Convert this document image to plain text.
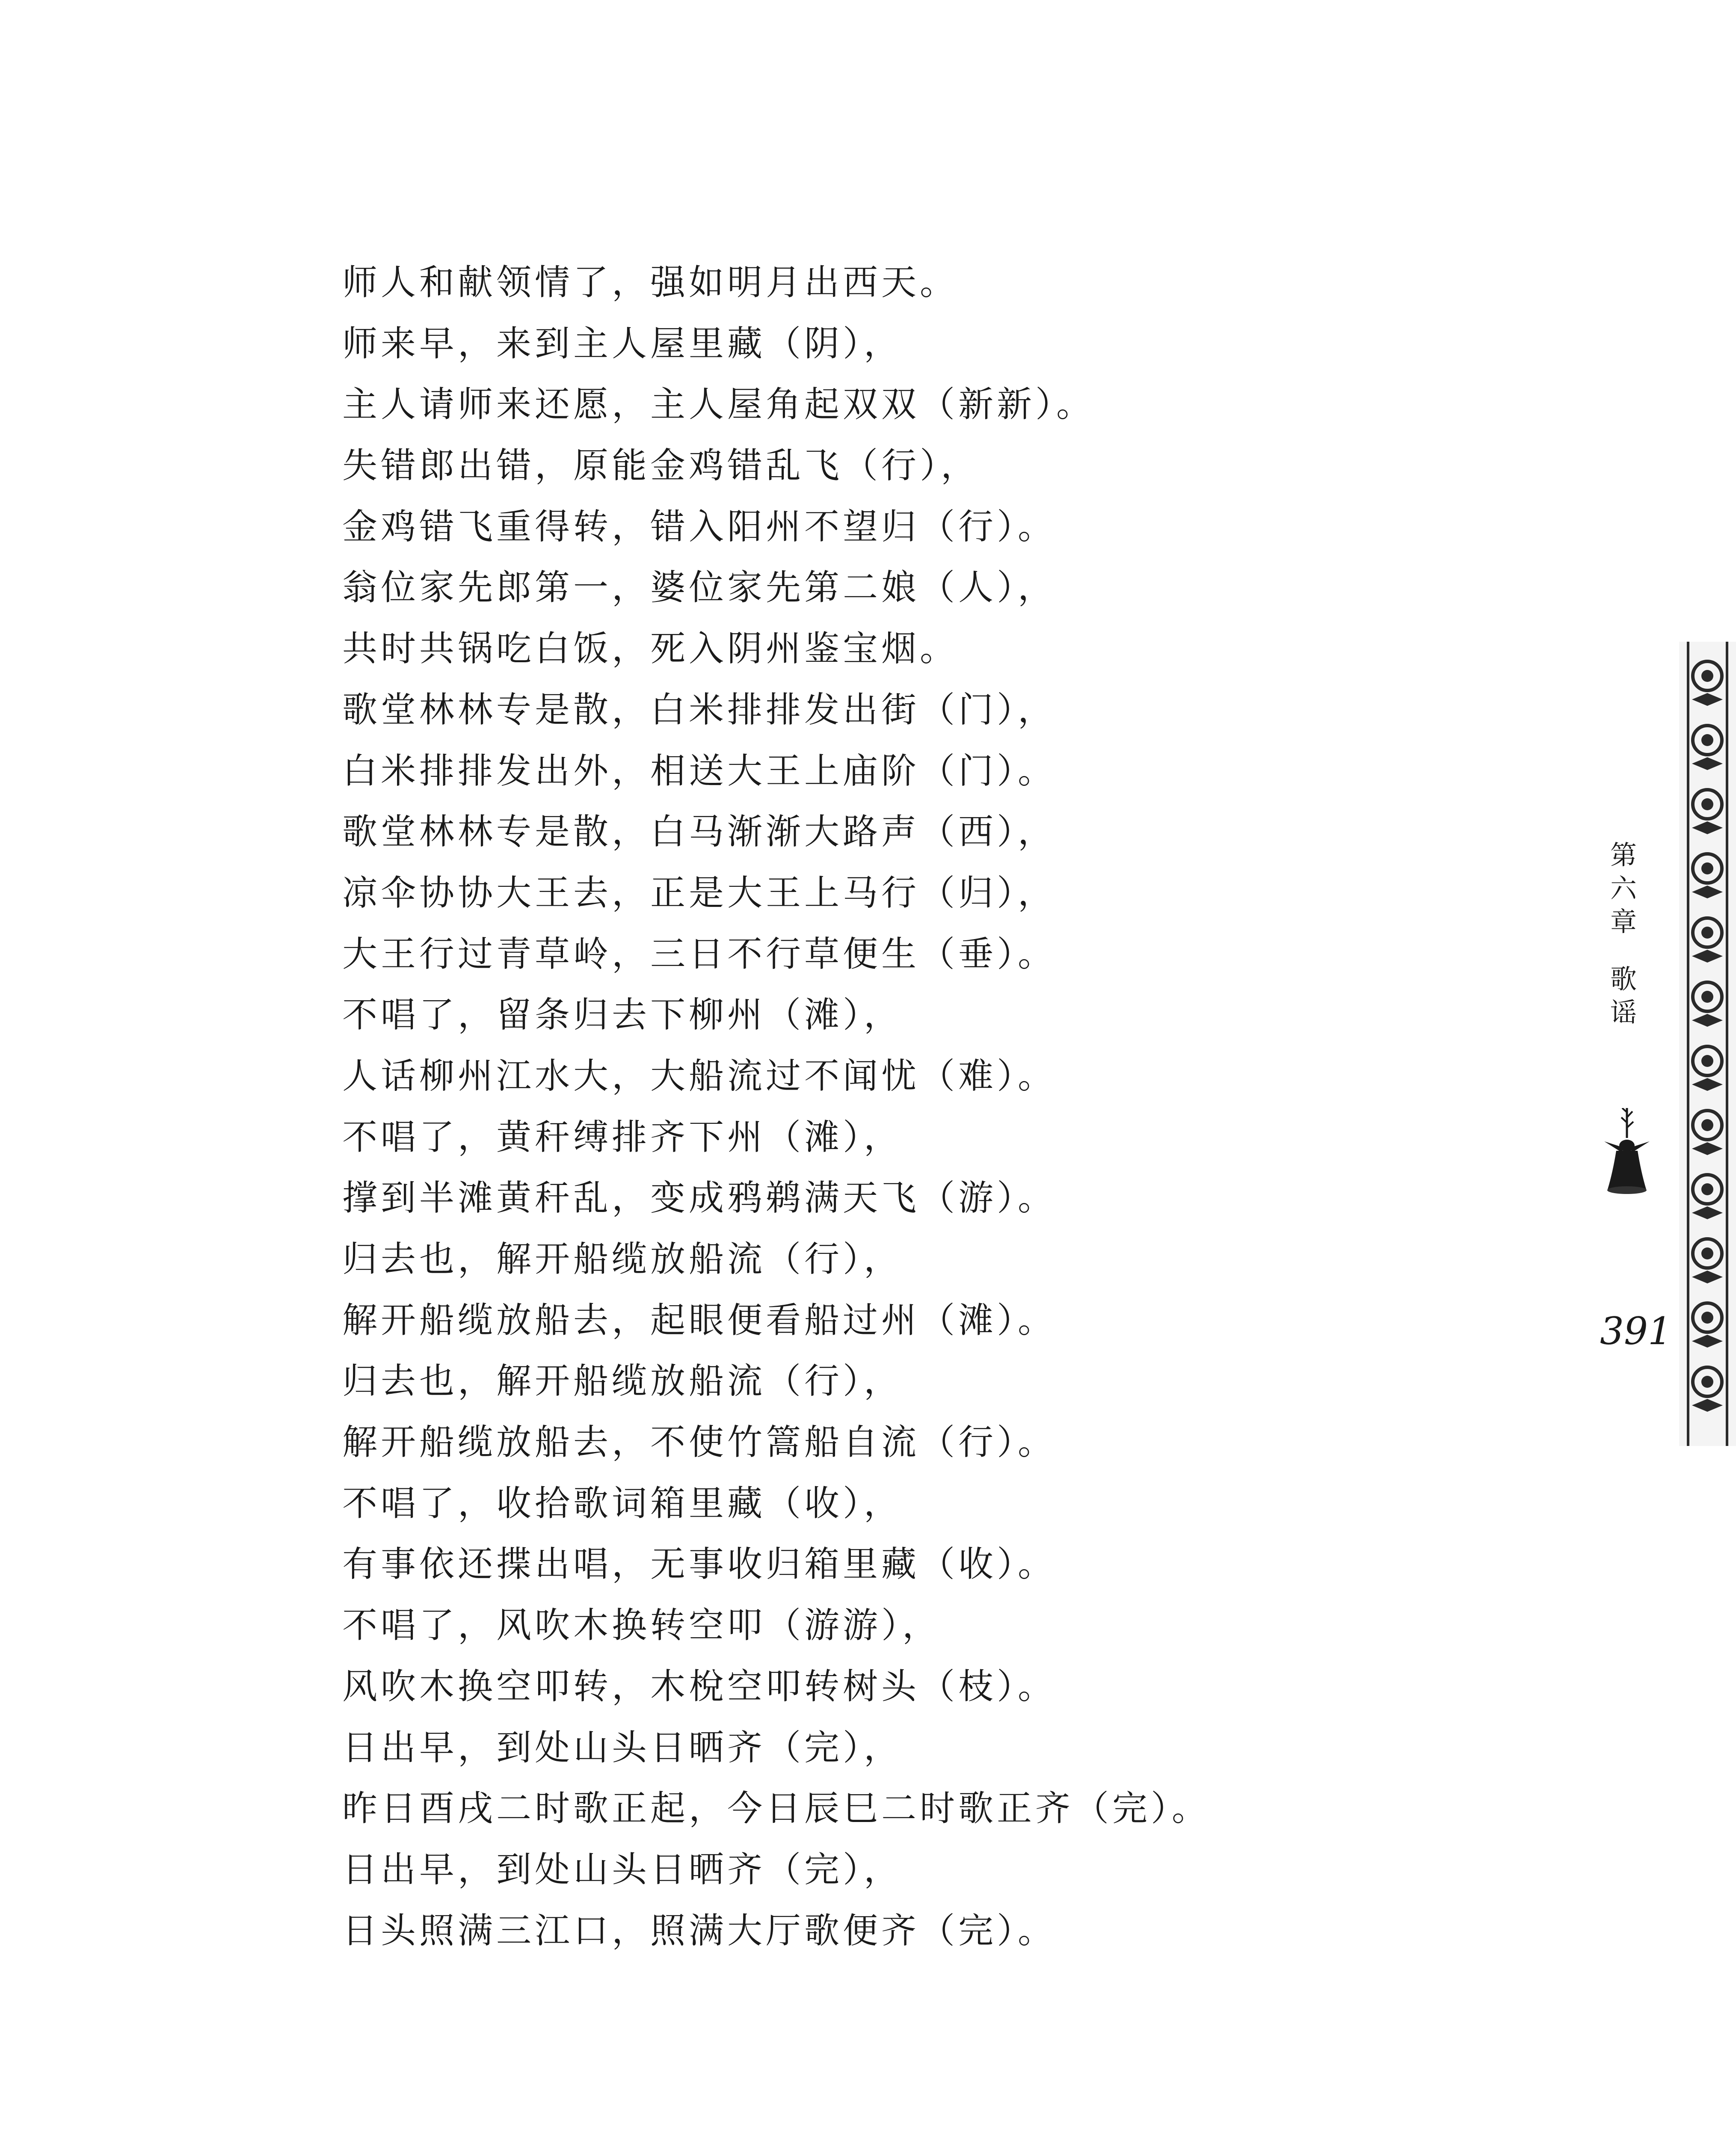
师人和献领情了，强如明月出西天。
师来早，来到主人屋里藏（阴），
主人请师来还愿，主人屋角起双双（新新）。
失错郎出错，原能金鸡错乱飞（行），
金鸡错飞重得转，错入阳州不望归（行）。
翁位家先郎第一，婆位家先第二娘（人），
共时共锅吃白饭，死入阴州鉴宝烟。
歌堂林林专是散，白米排排发出街（门），
白米排排发出外，相送大王上庙阶（门）。
歌堂林林专是散，白马渐渐大路声（西），
凉伞协协大王去，正是大王上马行（归），
大王行过青草岭，三日不行草便生（垂）。
不唱了，留条归去下柳州（滩），
人话柳州江水大，大船流过不闻忧（难）。
不唱了，黄秆缚排齐下州（滩），
撑到半滩黄秆乱，变成鸦鹈满天飞（游）。
归去也，解开船缆放船流（行），
解开船缆放船去，起眼便看船过州（滩）。
归去也，解开船缆放船流（行），
解开船缆放船去，不使竹篙船自流（行）。
不唱了，收拾歌词箱里藏（收），
有事依还揲出唱，无事收归箱里藏（收）。
不唱了，风吹木换转空叩（游游），
风吹木换空叩转，木梲空叩转树头（枝）。
日出早，到处山头日晒齐（完），
昨日酉戌二时歌正起，今日辰巳二时歌正齐（完）。
日出早，到处山头日晒齐（完），
日头照满三江口，照满大厅歌便齐（完）。
第六章
歌
谣
391
